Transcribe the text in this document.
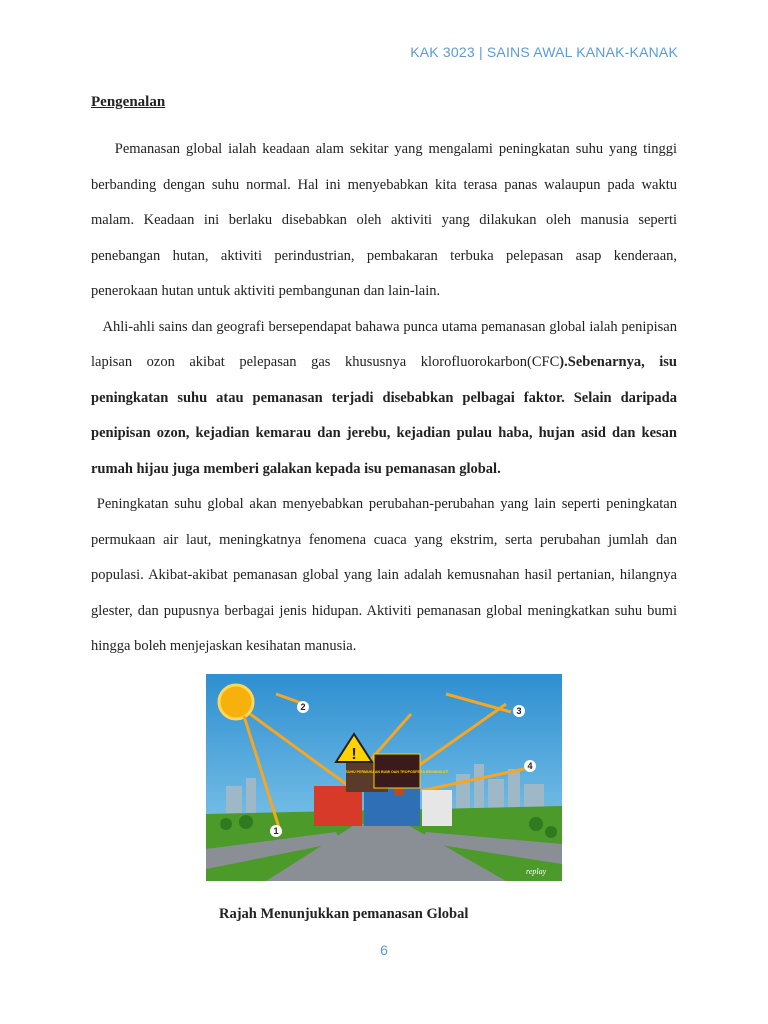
KAK 3023 | SAINS AWAL KANAK-KANAK
Pengenalan

Pemanasan global ialah keadaan alam sekitar yang mengalami peningkatan suhu yang tinggi berbanding dengan suhu normal. Hal ini menyebabkan kita terasa panas walaupun pada waktu malam. Keadaan ini berlaku disebabkan oleh aktiviti yang dilakukan oleh manusia seperti penebangan hutan, aktiviti perindustrian, pembakaran terbuka pelepasan asap kenderaan, penerokaan hutan untuk aktiviti pembangunan dan lain-lain.

Ahli-ahli sains dan geografi bersependapat bahawa punca utama pemanasan global ialah penipisan lapisan ozon akibat pelepasan gas khususnya klorofluorokarbon(CFC).Sebenarnya, isu peningkatan suhu atau pemanasan terjadi disebabkan pelbagai faktor. Selain daripada penipisan ozon, kejadian kemarau dan jerebu, kejadian pulau haba, hujan asid dan kesan rumah hijau juga memberi galakan kepada isu pemanasan global.

Peningkatan suhu global akan menyebabkan perubahan-perubahan yang lain seperti peningkatan permukaan air laut, meningkatnya fenomena cuaca yang ekstrim, serta perubahan jumlah dan populasi. Akibat-akibat pemanasan global yang lain adalah kemusnahan hasil pertanian, hilangnya glester, dan pupusnya berbagai jenis hidupan. Aktiviti pemanasan global meningkatkan suhu bumi hingga boleh menjejaskan kesihatan manusia.

1
2	3
4
!
SUHU PERMUKAAN BUMI DAN TROPOSFERA MENINGKAT!
replay
Rajah Menunjukkan pemanasan Global
6
